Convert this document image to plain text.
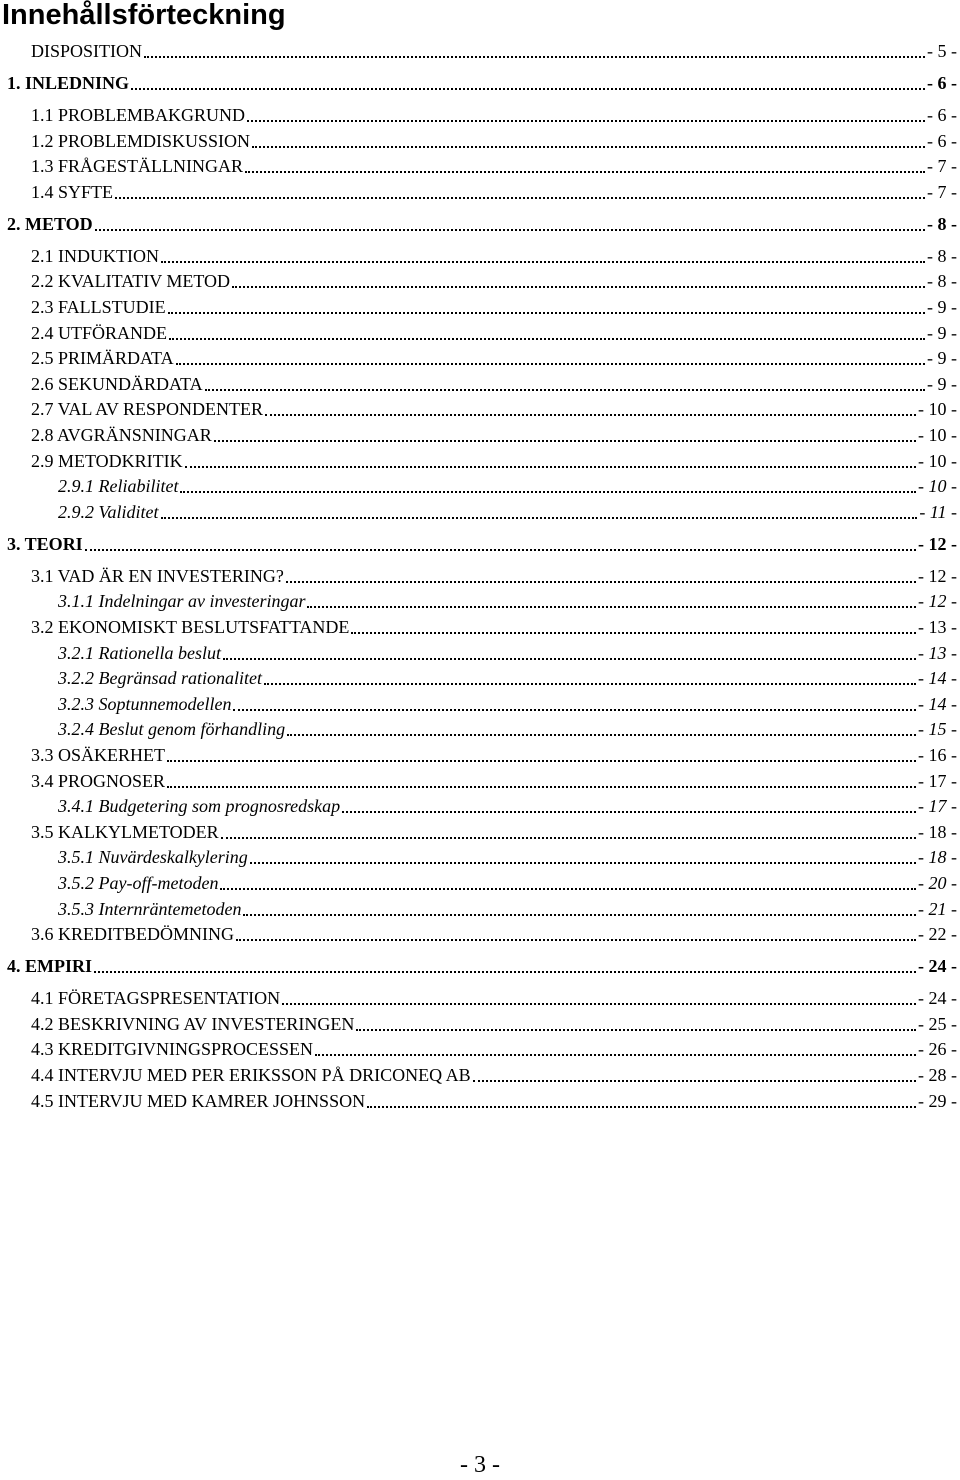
Innehållsförteckning
DISPOSITION	- 5 -
1. INLEDNING	- 6 -
1.1 PROBLEMBAKGRUND	- 6 -
1.2 PROBLEMDISKUSSION	- 6 -
1.3 FRÅGESTÄLLNINGAR	- 7 -
1.4 SYFTE	- 7 -
2. METOD	- 8 -
2.1 INDUKTION	- 8 -
2.2 KVALITATIV METOD	- 8 -
2.3 FALLSTUDIE	- 9 -
2.4 UTFÖRANDE	- 9 -
2.5 PRIMÄRDATA	- 9 -
2.6 SEKUNDÄRDATA	- 9 -
2.7 VAL AV RESPONDENTER	- 10 -
2.8 AVGRÄNSNINGAR	- 10 -
2.9 METODKRITIK	- 10 -
2.9.1 Reliabilitet	- 10 -
2.9.2 Validitet	- 11 -
3. TEORI	- 12 -
3.1 VAD ÄR EN INVESTERING?	- 12 -
3.1.1 Indelningar av investeringar	- 12 -
3.2 EKONOMISKT BESLUTSFATTANDE	- 13 -
3.2.1 Rationella beslut	- 13 -
3.2.2 Begränsad rationalitet	- 14 -
3.2.3 Soptunnemodellen	- 14 -
3.2.4 Beslut genom förhandling	- 15 -
3.3 OSÄKERHET	- 16 -
3.4 PROGNOSER	- 17 -
3.4.1 Budgetering som prognosredskap	- 17 -
3.5 KALKYLMETODER	- 18 -
3.5.1 Nuvärdeskalkylering	- 18 -
3.5.2 Pay-off-metoden	- 20 -
3.5.3 Internräntemetoden	- 21 -
3.6 KREDITBEDÖMNING	- 22 -
4. EMPIRI	- 24 -
4.1 FÖRETAGSPRESENTATION	- 24 -
4.2 BESKRIVNING AV INVESTERINGEN	- 25 -
4.3 KREDITGIVNINGSPROCESSEN	- 26 -
4.4 INTERVJU MED PER ERIKSSON PÅ DRICONEQ AB	- 28 -
4.5 INTERVJU MED KAMRER JOHNSSON	- 29 -
- 3 -
